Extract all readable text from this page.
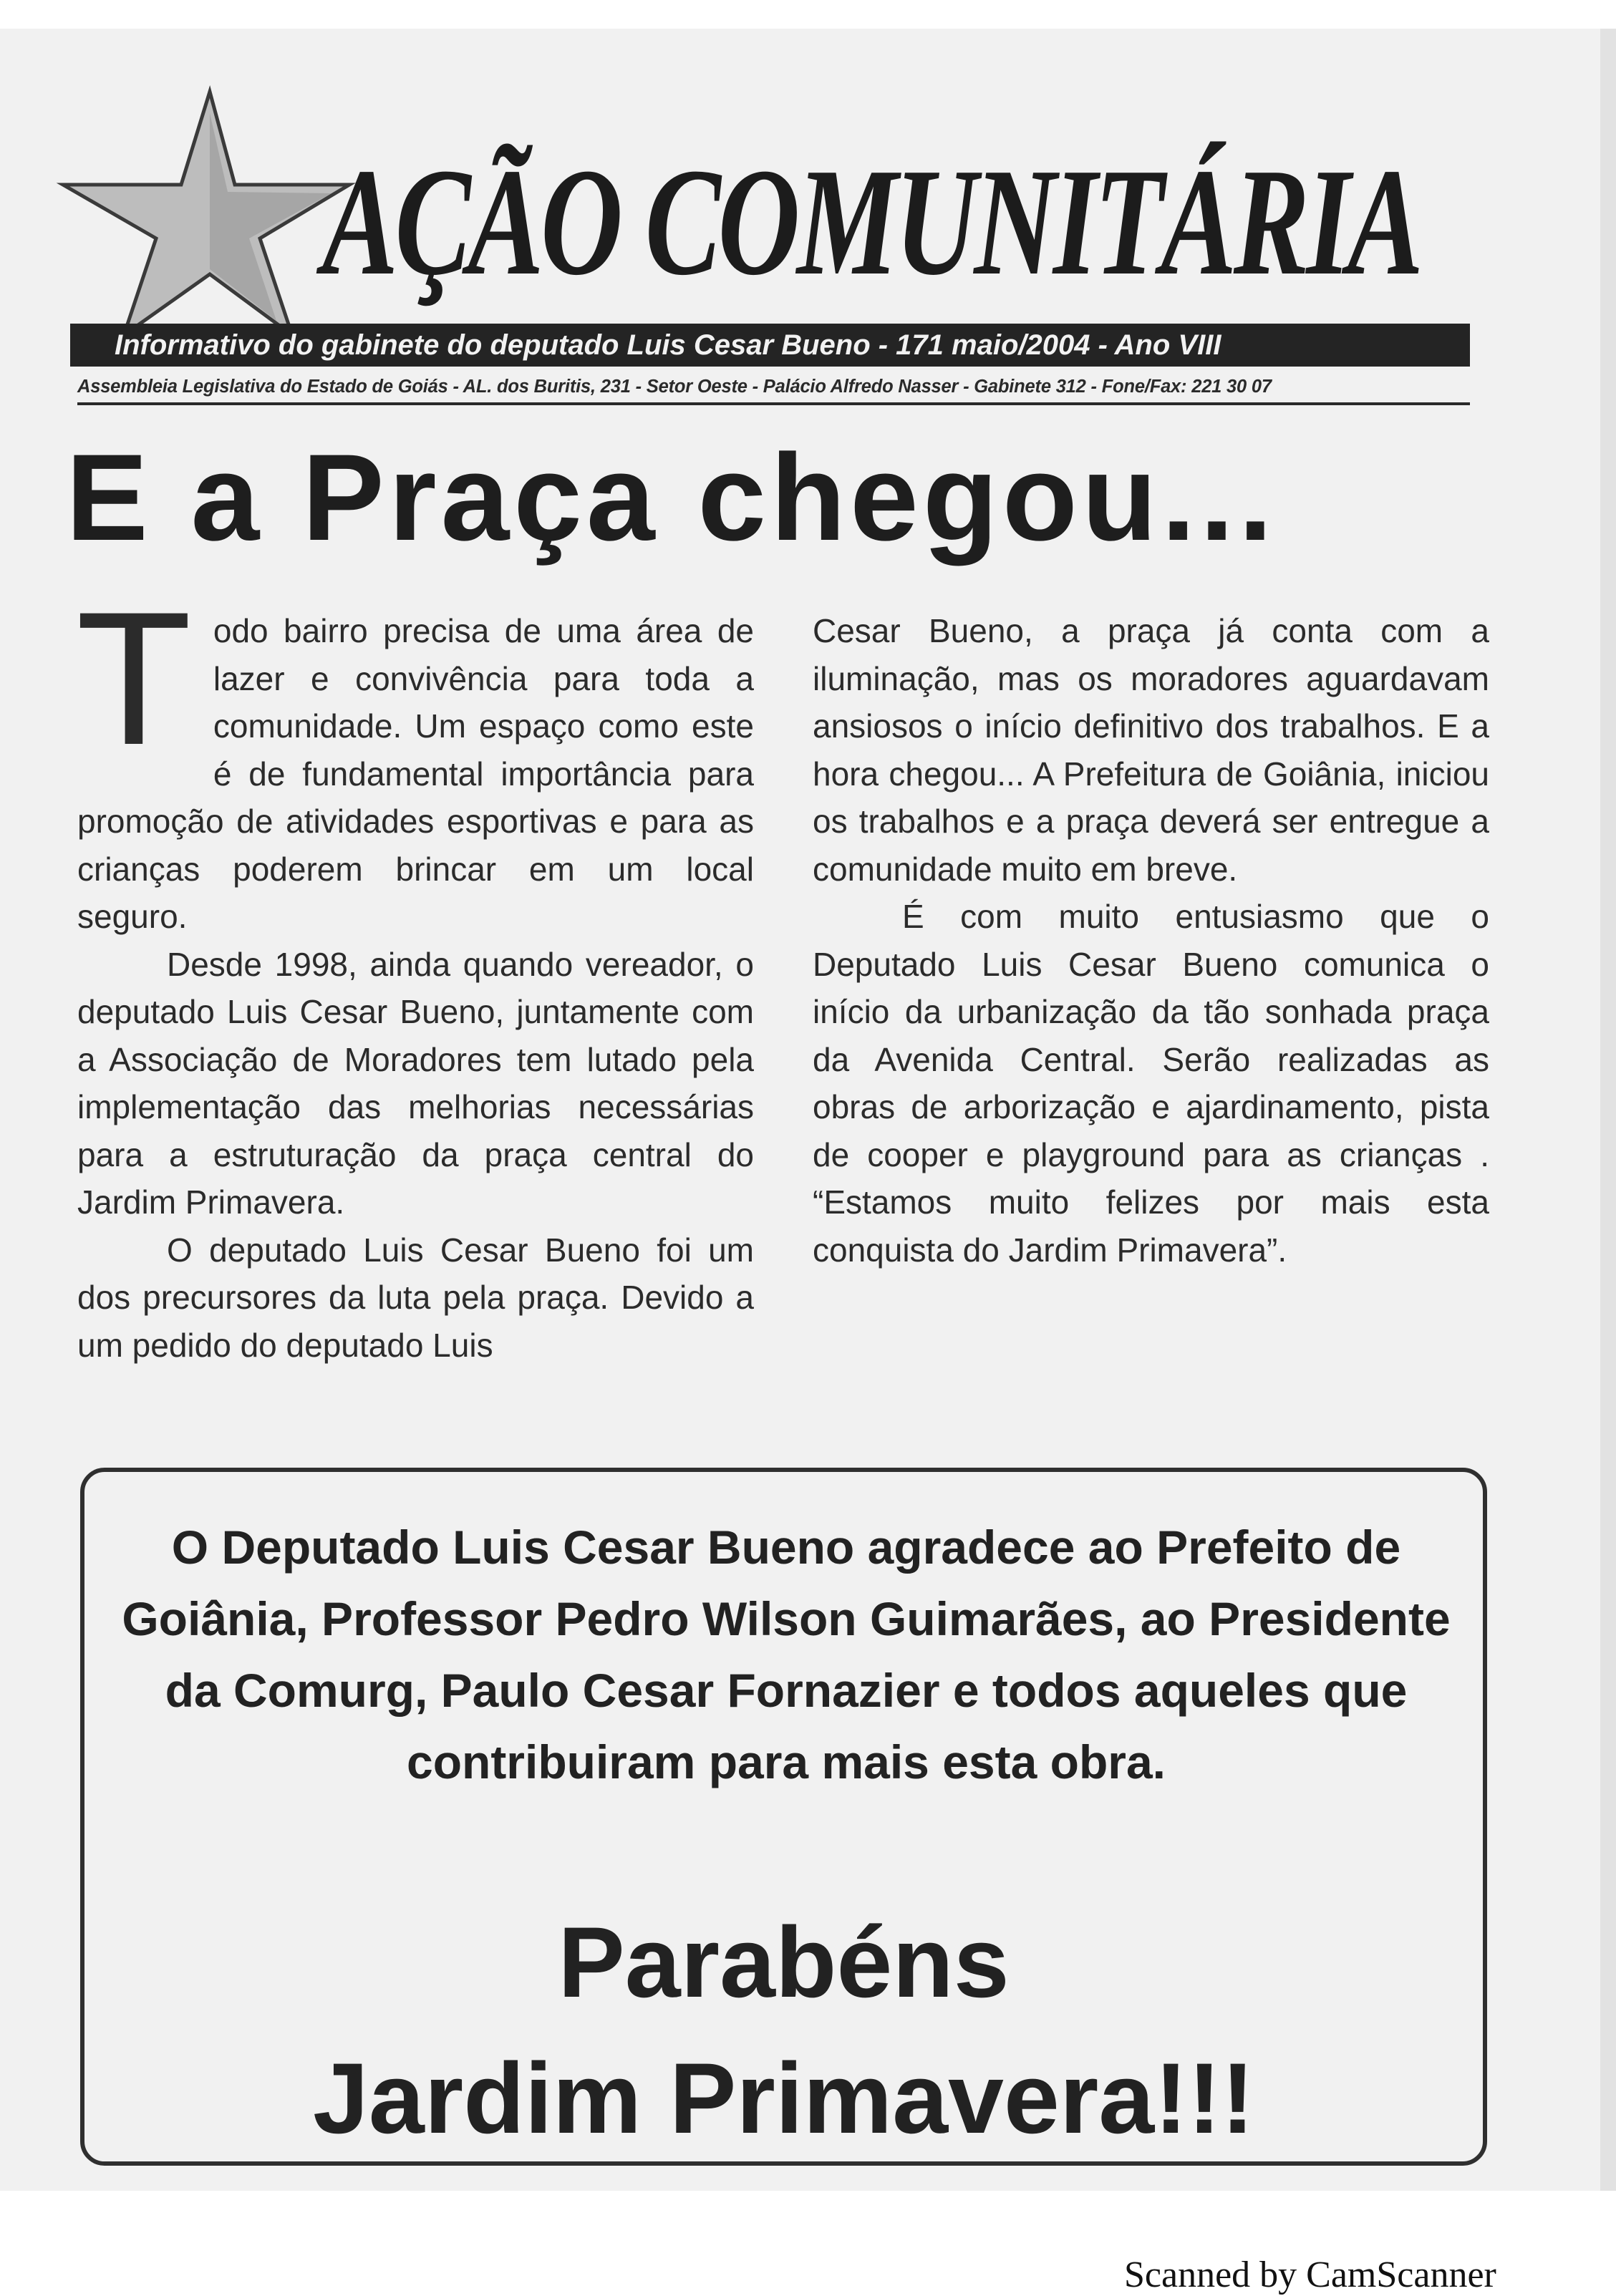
AÇÃO COMUNITÁRIA
Informativo do gabinete do deputado Luis Cesar Bueno - 171 maio/2004 - Ano VIII
Assembleia Legislativa do Estado de Goiás - AL. dos Buritis, 231 - Setor Oeste - Palácio Alfredo Nasser - Gabinete 312 - Fone/Fax: 221 30 07
E a Praça chegou...

Todo bairro precisa de uma área de lazer e convivência para toda a comunidade. Um espaço como este é de fundamental importância para promoção de atividades esportivas e para as crianças poderem brincar em um local seguro.

Desde 1998, ainda quando vereador, o deputado Luis Cesar Bueno, juntamente com a Associação de Moradores tem lutado pela implementação das melhorias necessárias para a estruturação da praça central do Jardim Primavera.

O deputado Luis Cesar Bueno foi um dos precursores da luta pela praça. Devido a um pedido do deputado Luis

Cesar Bueno, a praça já conta com a iluminação, mas os moradores aguardavam ansiosos o início definitivo dos trabalhos. E a hora chegou... A Prefeitura de Goiânia, iniciou os trabalhos e a praça deverá ser entregue a comunidade muito em breve.

É com muito entusiasmo que o Deputado Luis Cesar Bueno comunica o início da urbanização da tão sonhada praça da Avenida Central. Serão realizadas as obras de arborização e ajardinamento, pista de cooper e playground para as crianças . “Estamos muito felizes por mais esta conquista do Jardim Primavera”.

O Deputado Luis Cesar Bueno agradece ao Prefeito de Goiânia, Professor Pedro Wilson Guimarães, ao Presidente da Comurg, Paulo Cesar Fornazier e todos aqueles que contribuiram para mais esta obra.
Parabéns
Jardim Primavera!!!
Scanned by CamScanner
